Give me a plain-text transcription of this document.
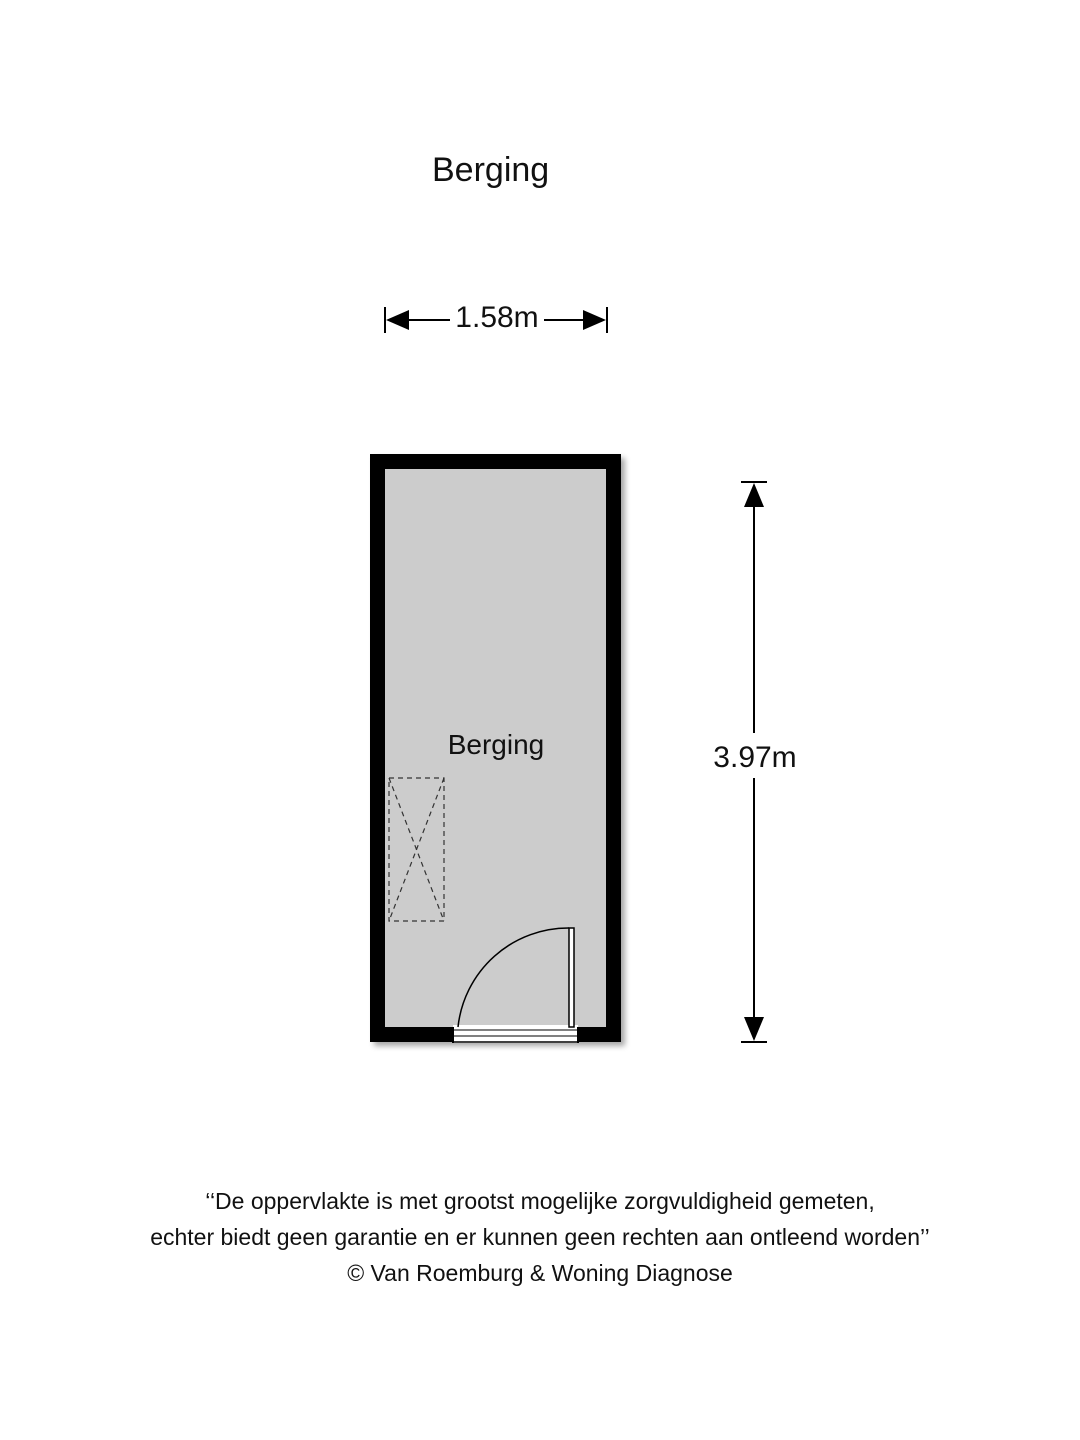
Berging
1.58m
Berging	3.97m
‘‘De oppervlakte is met grootst mogelijke zorgvuldigheid gemeten,
echter biedt geen garantie en er kunnen geen rechten aan ontleend worden’’
© Van Roemburg & Woning Diagnose
